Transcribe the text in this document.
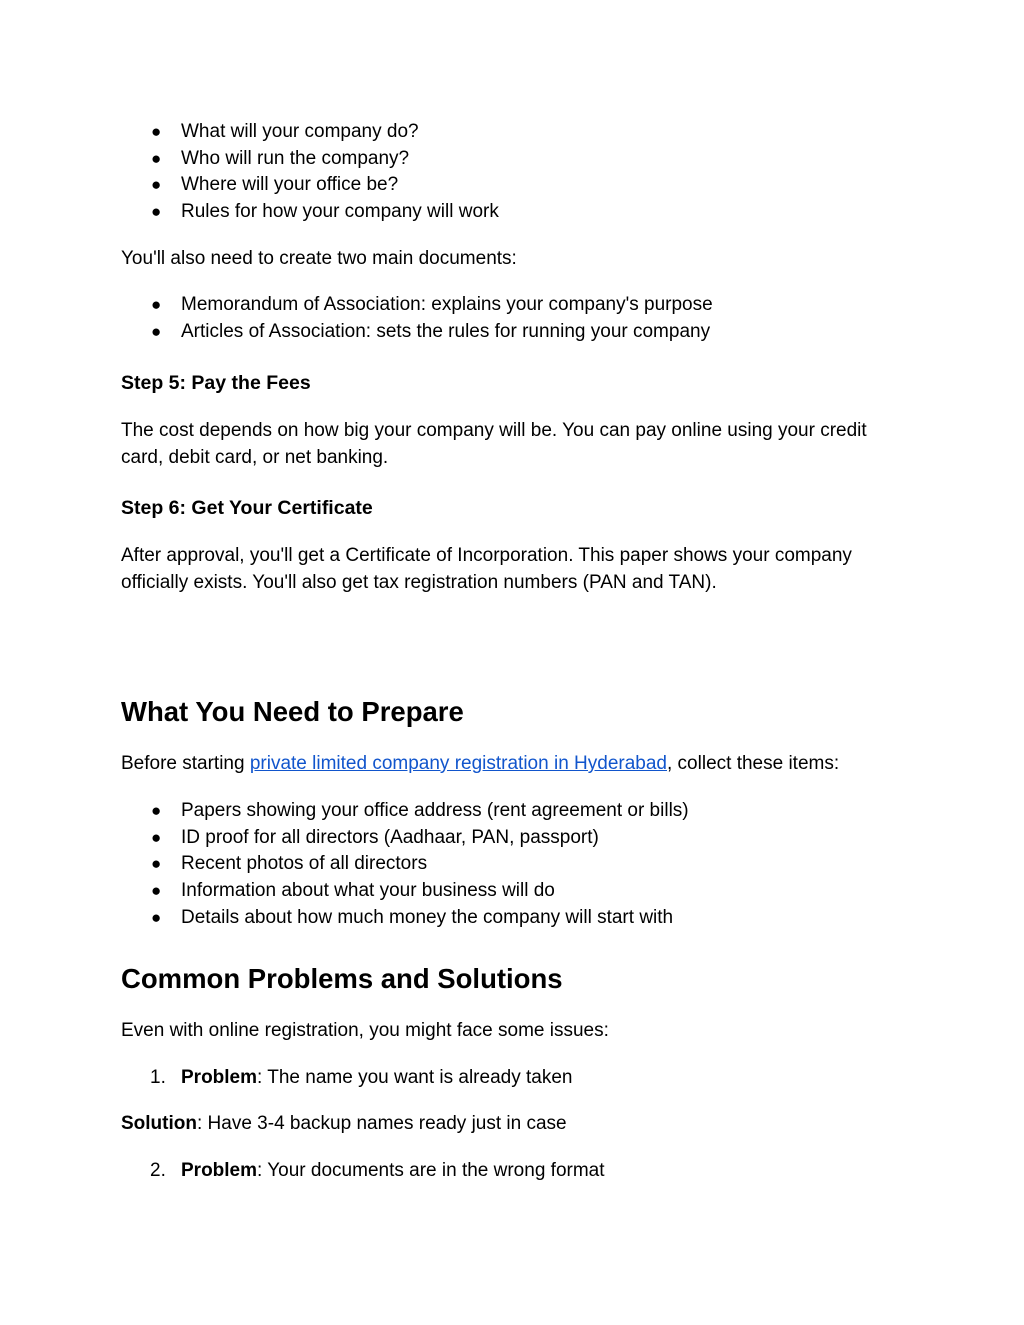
● What will your company do?
● Who will run the company?
● Where will your office be?
● Rules for how your company will work

You'll also need to create two main documents:

● Memorandum of Association: explains your company's purpose
● Articles of Association: sets the rules for running your company
Step 5: Pay the Fees

The cost depends on how big your company will be. You can pay online using your credit card, debit card, or net banking.

Step 6: Get Your Certificate

After approval, you'll get a Certificate of Incorporation. This paper shows your company officially exists. You'll also get tax registration numbers (PAN and TAN).

What You Need to Prepare

Before starting private limited company registration in Hyderabad, collect these items:

● Papers showing your office address (rent agreement or bills)
● ID proof for all directors (Aadhaar, PAN, passport)
● Recent photos of all directors
● Information about what your business will do
● Details about how much money the company will start with
Common Problems and Solutions

Even with online registration, you might face some issues:

1. Problem: The name you want is already taken

Solution: Have 3-4 backup names ready just in case

2. Problem: Your documents are in the wrong format
